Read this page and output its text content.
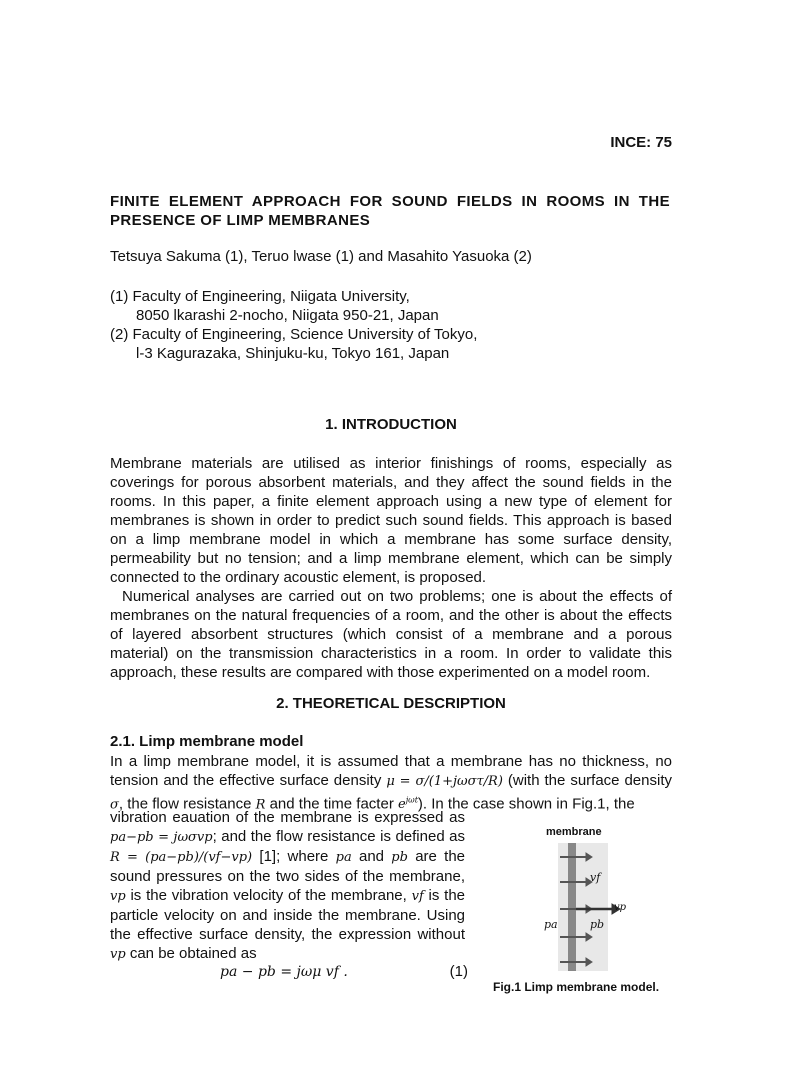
INCE: 75
FINITE ELEMENT APPROACH FOR SOUND FIELDS IN ROOMS IN THE PRESENCE OF LIMP MEMBRANES
Tetsuya Sakuma (1), Teruo lwase (1) and Masahito Yasuoka (2)
(1) Faculty of Engineering, Niigata University,
8050 lkarashi 2-nocho, Niigata 950-21, Japan
(2) Faculty of Engineering, Science University of Tokyo,
l-3 Kagurazaka, Shinjuku-ku, Tokyo 161, Japan
1. INTRODUCTION

Membrane materials are utilised as interior finishings of rooms, especially as coverings for porous absorbent materials, and they affect the sound fields in the rooms. In this paper, a finite element approach using a new type of element for membranes is shown in order to predict such sound fields. This approach is based on a limp membrane model in which a membrane has some surface density, permeability but no tension; and a limp membrane element, which can be simply connected to the ordinary acoustic element, is proposed.

Numerical analyses are carried out on two problems; one is about the effects of membranes on the natural frequencies of a room, and the other is about the effects of layered absorbent structures (which consist of a membrane and a porous material) on the transmission characteristics in a room. In order to validate this approach, these results are compared with those experimented on a model room.

2. THEORETICAL DESCRIPTION
2.1. Limp membrane model

In a limp membrane model, it is assumed that a membrane has no thickness, no tension and the effective surface density μ = σ/(1+jωστ/R) (with the surface density σ, the flow resistance R and the time facter $e^{j\omega t}$). In the case shown in Fig.1, the

vibration eauation of the membrane is expressed as pa−pb = jωσvp; and the flow resistance is defined as R = (pa−pb)/(vf−vp) [1]; where pa and pb are the sound pressures on the two sides of the membrane, vp is the vibration velocity of the membrane, vf is the particle velocity on and inside the membrane. Using the effective surface density, the expression without vp can be obtained as

pa − pb = jωμ vf .	(1)
membrane
vf
vp
pa	pb
Fig.1 Limp membrane model.
